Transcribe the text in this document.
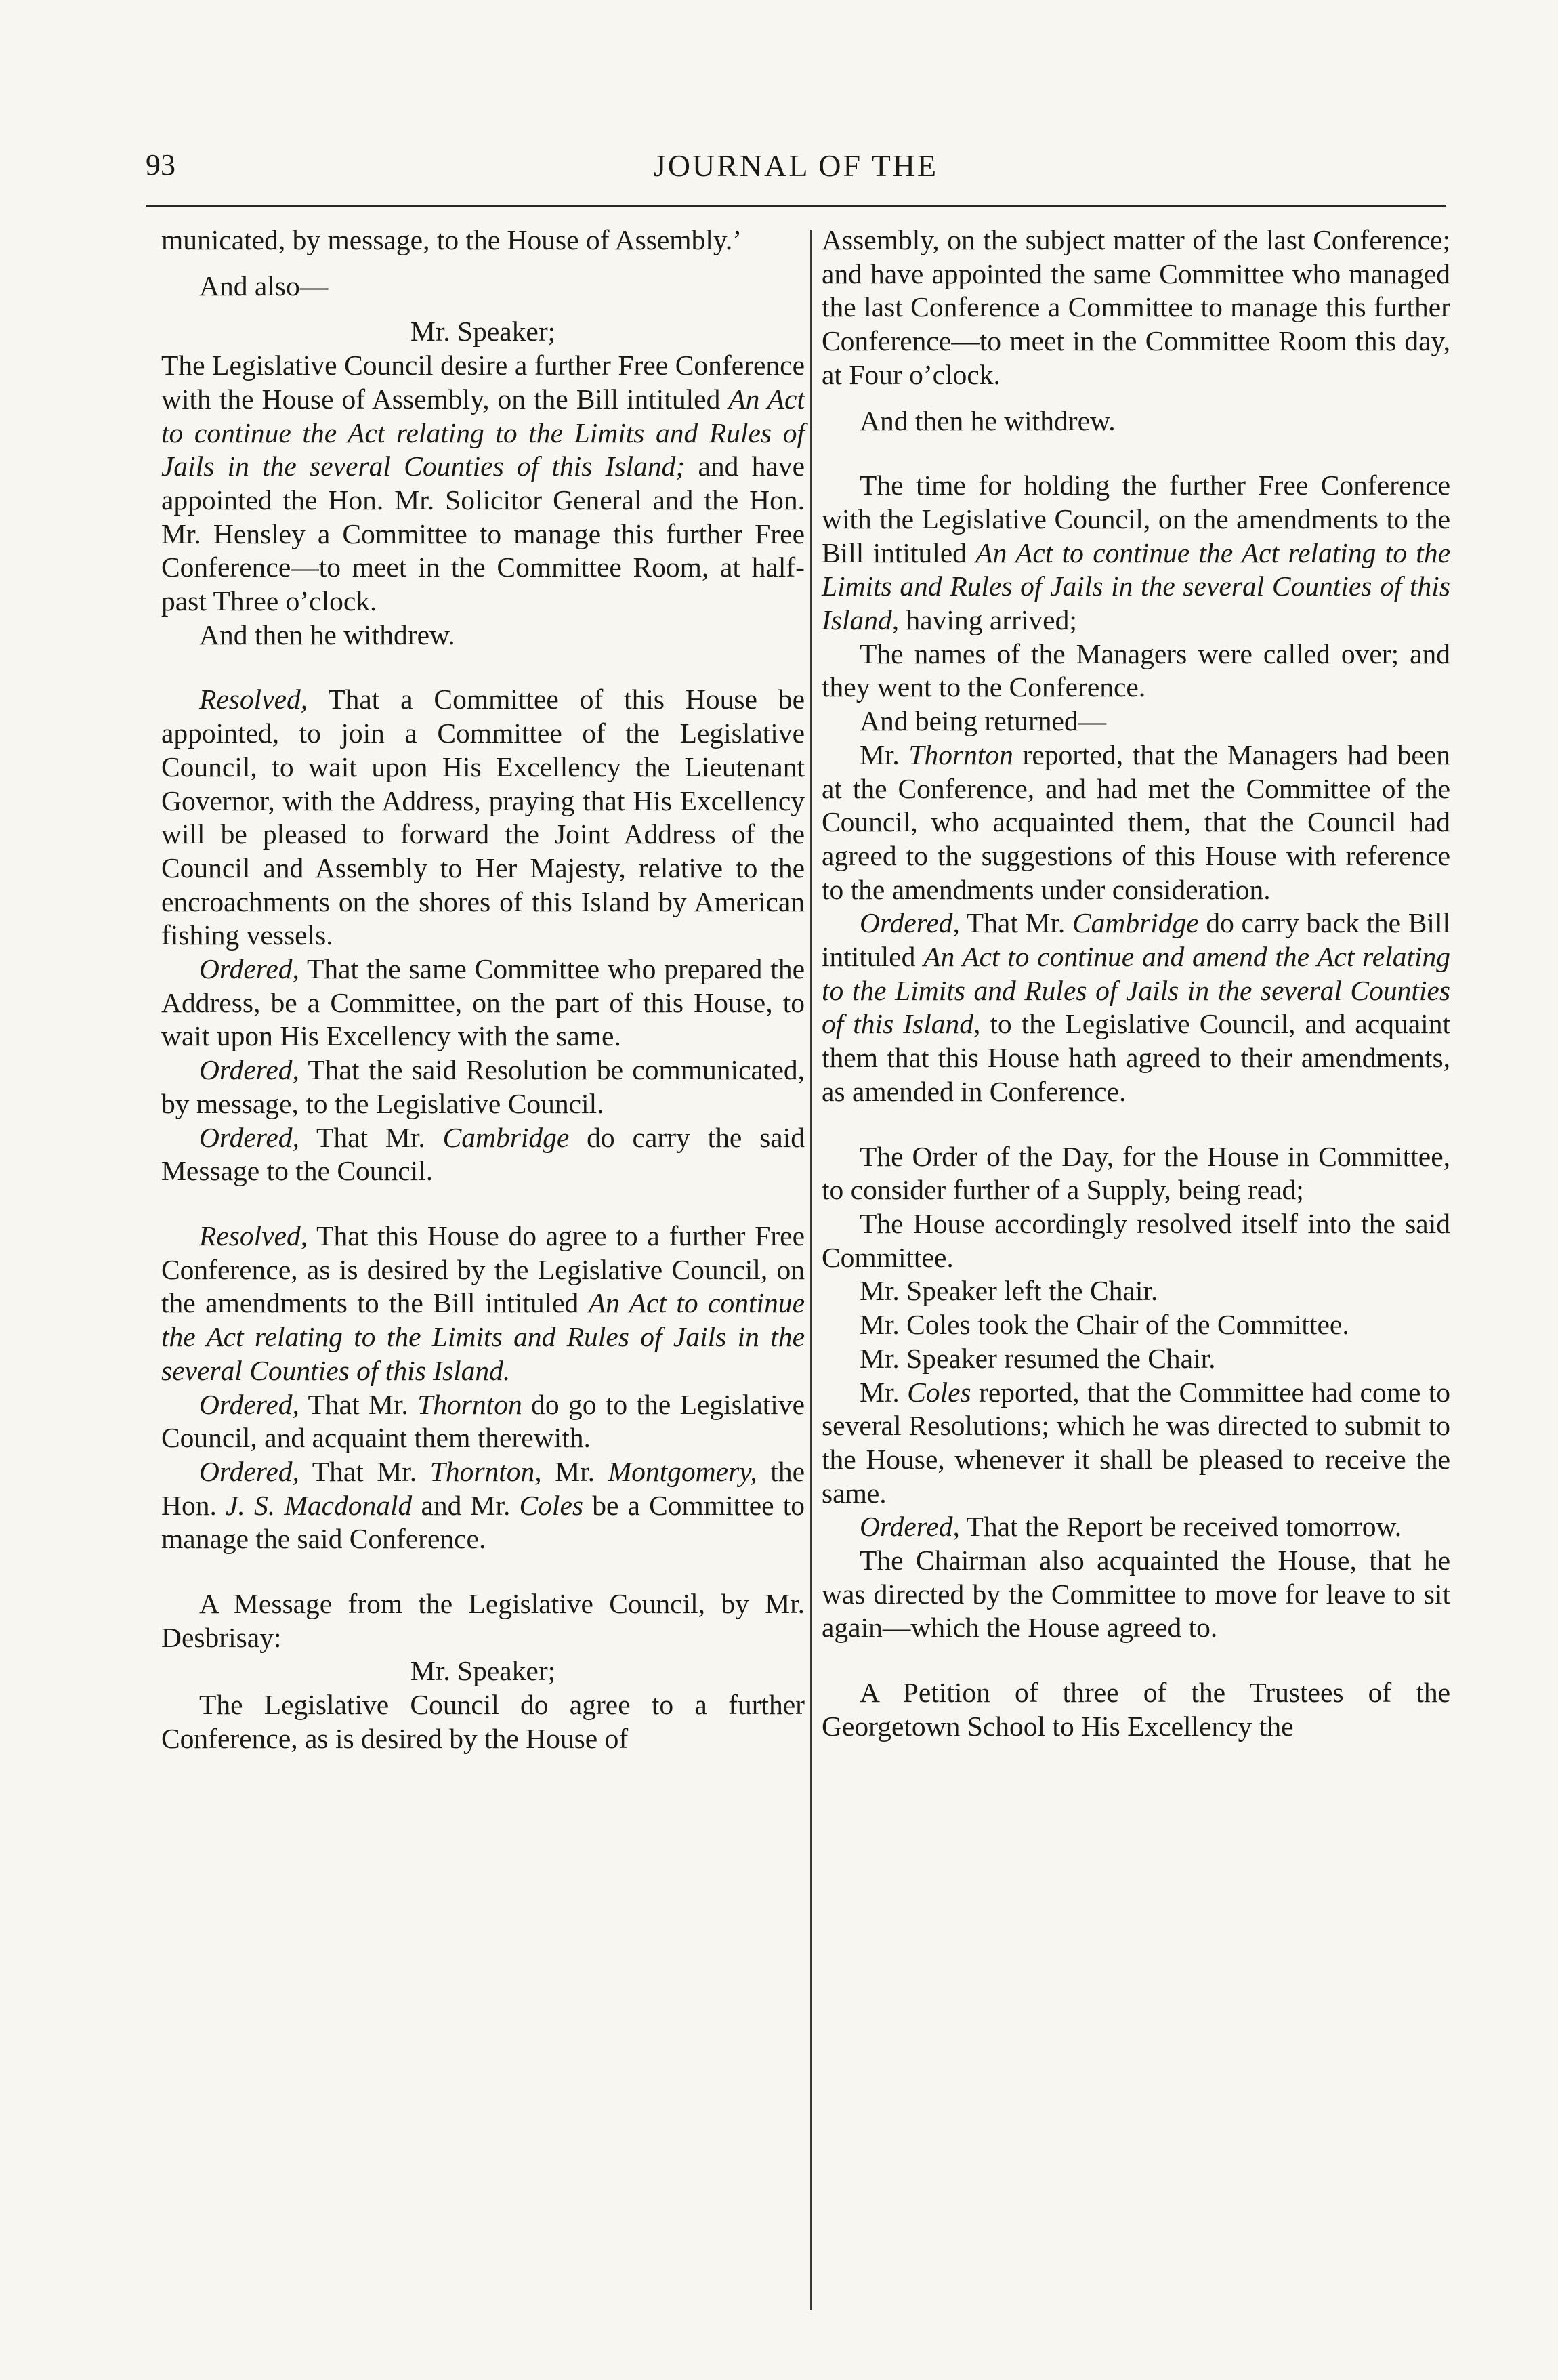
93	JOURNAL OF THE

municated, by message, to the House of Assembly.’

And also—

Mr. Speaker;

The Legislative Council desire a further Free Conference with the House of Assembly, on the Bill intituled An Act to continue the Act relating to the Limits and Rules of Jails in the several Counties of this Island; and have appointed the Hon. Mr. Solicitor General and the Hon. Mr. Hensley a Committee to manage this further Free Conference—to meet in the Committee Room, at half-past Three o’clock.

And then he withdrew.

Resolved, That a Committee of this House be appointed, to join a Committee of the Legislative Council, to wait upon His Excellency the Lieutenant Governor, with the Address, praying that His Excellency will be pleased to forward the Joint Address of the Council and Assembly to Her Majesty, relative to the encroachments on the shores of this Island by American fishing vessels.

Ordered, That the same Committee who prepared the Address, be a Committee, on the part of this House, to wait upon His Excellency with the same.

Ordered, That the said Resolution be communicated, by message, to the Legislative Council.

Ordered, That Mr. Cambridge do carry the said Message to the Council.

Resolved, That this House do agree to a further Free Conference, as is desired by the Legislative Council, on the amendments to the Bill intituled An Act to continue the Act relating to the Limits and Rules of Jails in the several Counties of this Island.

Ordered, That Mr. Thornton do go to the Legislative Council, and acquaint them therewith.

Ordered, That Mr. Thornton, Mr. Montgomery, the Hon. J. S. Macdonald and Mr. Coles be a Committee to manage the said Conference.

A Message from the Legislative Council, by Mr. Desbrisay:

Mr. Speaker;

The Legislative Council do agree to a further Conference, as is desired by the House of

Assembly, on the subject matter of the last Conference; and have appointed the same Committee who managed the last Conference a Committee to manage this further Conference—to meet in the Committee Room this day, at Four o’clock.

And then he withdrew.

The time for holding the further Free Conference with the Legislative Council, on the amendments to the Bill intituled An Act to continue the Act relating to the Limits and Rules of Jails in the several Counties of this Island, having arrived;

The names of the Managers were called over; and they went to the Conference.

And being returned—

Mr. Thornton reported, that the Managers had been at the Conference, and had met the Committee of the Council, who acquainted them, that the Council had agreed to the suggestions of this House with reference to the amendments under consideration.

Ordered, That Mr. Cambridge do carry back the Bill intituled An Act to continue and amend the Act relating to the Limits and Rules of Jails in the several Counties of this Island, to the Legislative Council, and acquaint them that this House hath agreed to their amendments, as amended in Conference.

The Order of the Day, for the House in Committee, to consider further of a Supply, being read;

The House accordingly resolved itself into the said Committee.

Mr. Speaker left the Chair.

Mr. Coles took the Chair of the Committee.

Mr. Speaker resumed the Chair.

Mr. Coles reported, that the Committee had come to several Resolutions; which he was directed to submit to the House, whenever it shall be pleased to receive the same.

Ordered, That the Report be received tomorrow.

The Chairman also acquainted the House, that he was directed by the Committee to move for leave to sit again—which the House agreed to.

A Petition of three of the Trustees of the Georgetown School to His Excellency the
